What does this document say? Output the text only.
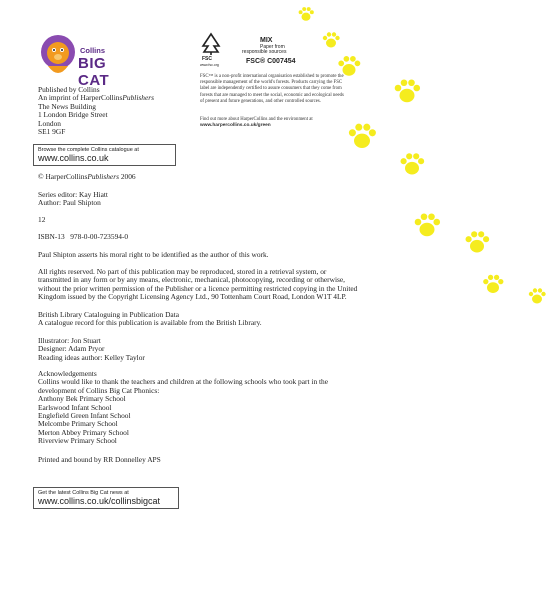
Collins
BIG CAT
FSC
www.fsc.org
MIX
Paper from
responsible sources
FSC® C007454
FSC™ is a non-profit international organisation established to promote the
responsible management of the world's forests. Products carrying the FSC
label are independently certified to assure consumers that they come from
forests that are managed to meet the social, economic and ecological needs
of present and future generations, and other controlled sources.
Find out more about HarperCollins and the environment at
www.harpercollins.co.uk/green
Published by Collins
An imprint of HarperCollinsPublishers
The News Building
1 London Bridge Street
London
SE1 9GF
Browse the complete Collins catalogue at
www.collins.co.uk
© HarperCollinsPublishers 2006
Series editor: Kay Hiatt
Author: Paul Shipton
12
ISBN-13   978-0-00-723594-0
Paul Shipton asserts his moral right to be identified as the author of this work.
All rights reserved. No part of this publication may be reproduced, stored in a retrieval system, or
transmitted in any form or by any means, electronic, mechanical, photocopying, recording or otherwise,
without the prior written permission of the Publisher or a licence permitting restricted copying in the United
Kingdom issued by the Copyright Licensing Agency Ltd., 90 Tottenham Court Road, London W1T 4LP.
British Library Cataloguing in Publication Data
A catalogue record for this publication is available from the British Library.
Illustrator: Jon Stuart
Designer: Adam Pryor
Reading ideas author: Kelley Taylor
Acknowledgements
Collins would like to thank the teachers and children at the following schools who took part in the
development of Collins Big Cat Phonics:
Anthony Bek Primary School
Earlswood Infant School
Englefield Green Infant School
Melcombe Primary School
Merton Abbey Primary School
Riverview Primary School
Printed and bound by RR Donnelley APS
Get the latest Collins Big Cat news at
www.collins.co.uk/collinsbigcat
